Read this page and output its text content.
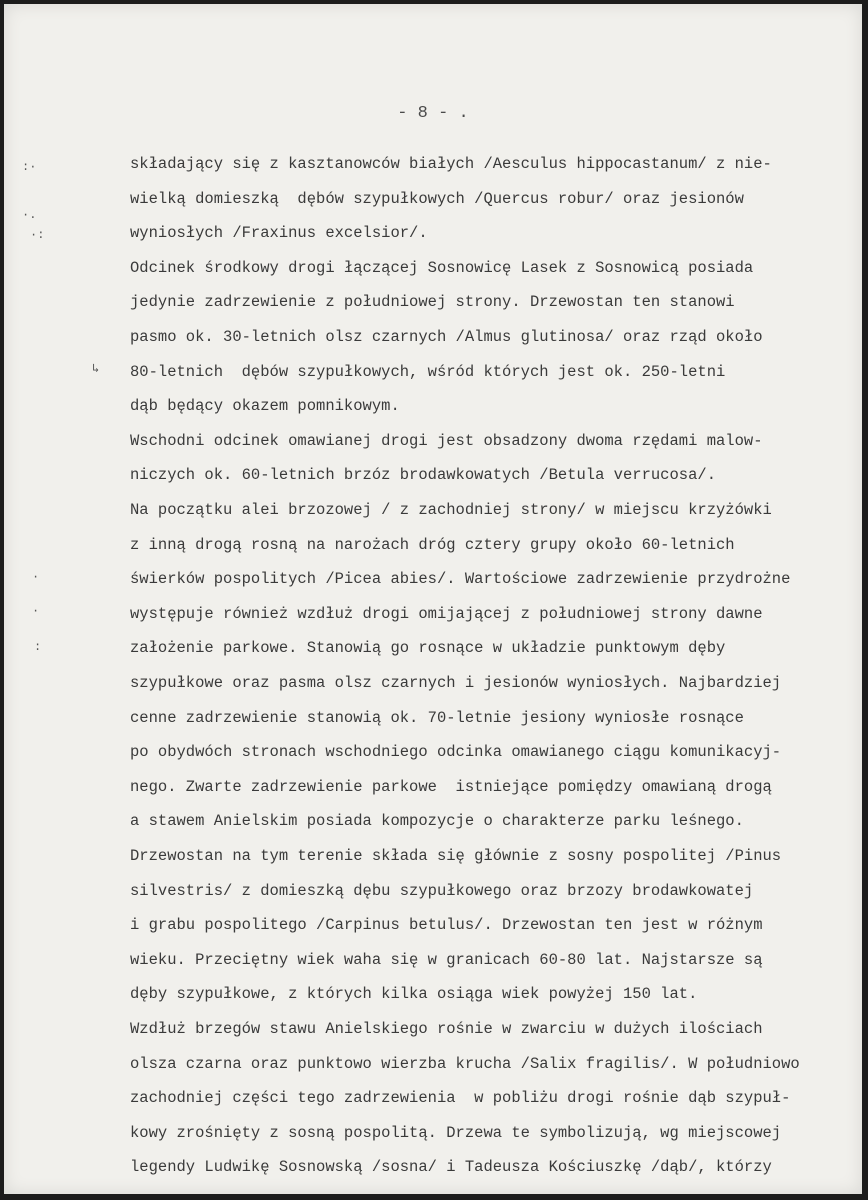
- 8 - .
:·
·.
·:
↳
·
·
:
składający się z kasztanowców białych /Aesculus hippocastanum/ z nie-
wielką domieszką  dębów szypułkowych /Quercus robur/ oraz jesionów
wyniosłych /Fraxinus excelsior/.
Odcinek środkowy drogi łączącej Sosnowicę Lasek z Sosnowicą posiada
jedynie zadrzewienie z południowej strony. Drzewostan ten stanowi
pasmo ok. 30-letnich olsz czarnych /Almus glutinosa/ oraz rząd około
80-letnich  dębów szypułkowych, wśród których jest ok. 250-letni
dąb będący okazem pomnikowym.
Wschodni odcinek omawianej drogi jest obsadzony dwoma rzędami malow-
niczych ok. 60-letnich brzóz brodawkowatych /Betula verrucosa/.
Na początku alei brzozowej / z zachodniej strony/ w miejscu krzyżówki
z inną drogą rosną na narożach dróg cztery grupy około 60-letnich
świerków pospolitych /Picea abies/. Wartościowe zadrzewienie przydrożne
występuje również wzdłuż drogi omijającej z południowej strony dawne
założenie parkowe. Stanowią go rosnące w układzie punktowym dęby
szypułkowe oraz pasma olsz czarnych i jesionów wyniosłych. Najbardziej
cenne zadrzewienie stanowią ok. 70-letnie jesiony wyniosłe rosnące
po obydwóch stronach wschodniego odcinka omawianego ciągu komunikacyj-
nego. Zwarte zadrzewienie parkowe  istniejące pomiędzy omawianą drogą
a stawem Anielskim posiada kompozycje o charakterze parku leśnego.
Drzewostan na tym terenie składa się głównie z sosny pospolitej /Pinus
silvestris/ z domieszką dębu szypułkowego oraz brzozy brodawkowatej
i grabu pospolitego /Carpinus betulus/. Drzewostan ten jest w różnym
wieku. Przeciętny wiek waha się w granicach 60-80 lat. Najstarsze są
dęby szypułkowe, z których kilka osiąga wiek powyżej 150 lat.
Wzdłuż brzegów stawu Anielskiego rośnie w zwarciu w dużych ilościach
olsza czarna oraz punktowo wierzba krucha /Salix fragilis/. W południowo
zachodniej części tego zadrzewienia  w pobliżu drogi rośnie dąb szypuł-
kowy zrośnięty z sosną pospolitą. Drzewa te symbolizują, wg miejscowej
legendy Ludwikę Sosnowską /sosna/ i Tadeusza Kościuszkę /dąb/, którzy
